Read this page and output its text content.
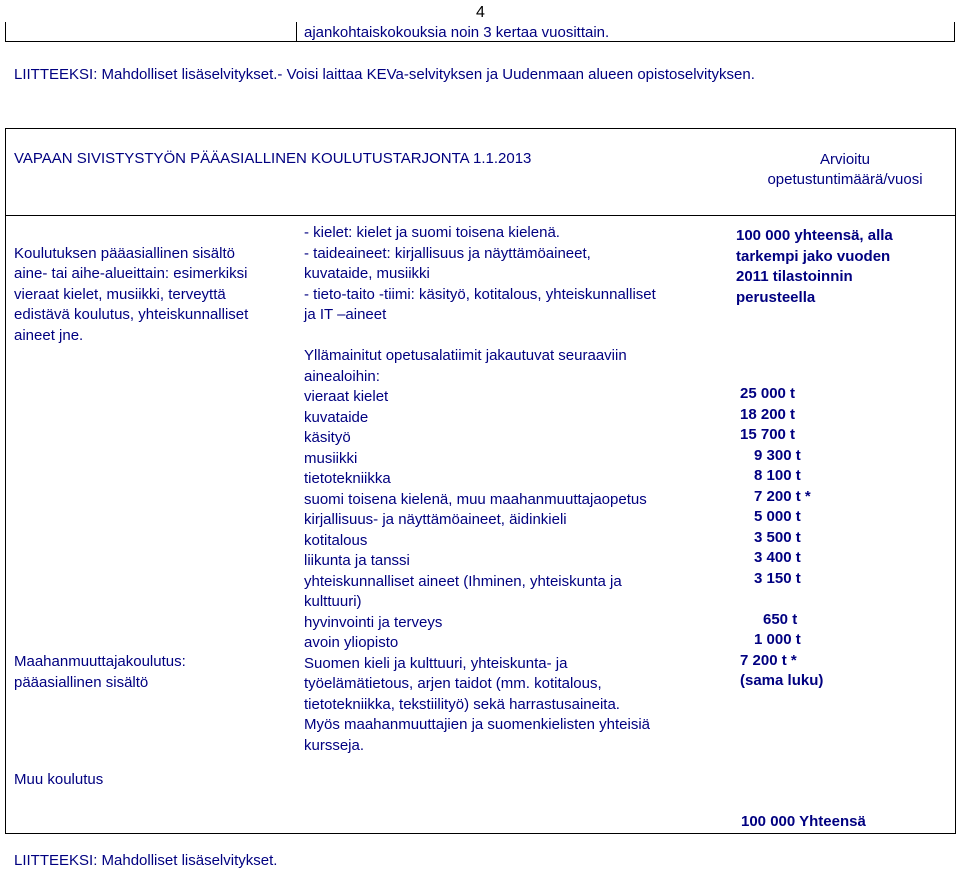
4
ajankohtaiskokouksia noin 3 kertaa vuosittain.
LIITTEEKSI: Mahdolliset lisäselvitykset.- Voisi laittaa KEVa-selvityksen ja Uudenmaan alueen opistoselvityksen.
VAPAAN SIVISTYSTYÖN PÄÄASIALLINEN KOULUTUSTARJONTA 1.1.2013	Arvioitu
opetustuntimäärä/vuosi
Koulutuksen pääasiallinen sisältö
aine- tai aihe-alueittain: esimerkiksi
vieraat kielet, musiikki, terveyttä
edistävä koulutus, yhteiskunnalliset
aineet jne.
Maahanmuuttajakoulutus:
pääasiallinen sisältö
- kielet: kielet ja suomi toisena kielenä.
- taideaineet: kirjallisuus ja näyttämöaineet,
kuvataide, musiikki
- tieto-taito -tiimi: käsityö, kotitalous, yhteiskunnalliset
ja IT –aineet
Yllämainitut opetusalatiimit jakautuvat seuraaviin
ainealoihin:
vieraat kielet
kuvataide
käsityö
musiikki
tietotekniikka
suomi toisena kielenä, muu maahanmuuttajaopetus
kirjallisuus- ja näyttämöaineet, äidinkieli
kotitalous
liikunta ja tanssi
yhteiskunnalliset aineet (Ihminen, yhteiskunta ja
kulttuuri)
hyvinvointi ja terveys
avoin yliopisto
Suomen kieli ja kulttuuri, yhteiskunta- ja
työelämätietous, arjen taidot (mm. kotitalous,
tietotekniikka, tekstiilityö) sekä harrastusaineita.
Myös maahanmuuttajien ja suomenkielisten yhteisiä
kursseja.
100 000 yhteensä, alla
tarkempi jako vuoden
2011 tilastoinnin
perusteella
25 000 t
18 200 t
15 700 t
9 300 t
8 100 t
7 200 t *
5 000 t
3 500 t
3 400 t
3 150 t
650 t
1 000 t
7 200 t * (sama luku)
Muu koulutus
100 000 Yhteensä
LIITTEEKSI: Mahdolliset lisäselvitykset.
